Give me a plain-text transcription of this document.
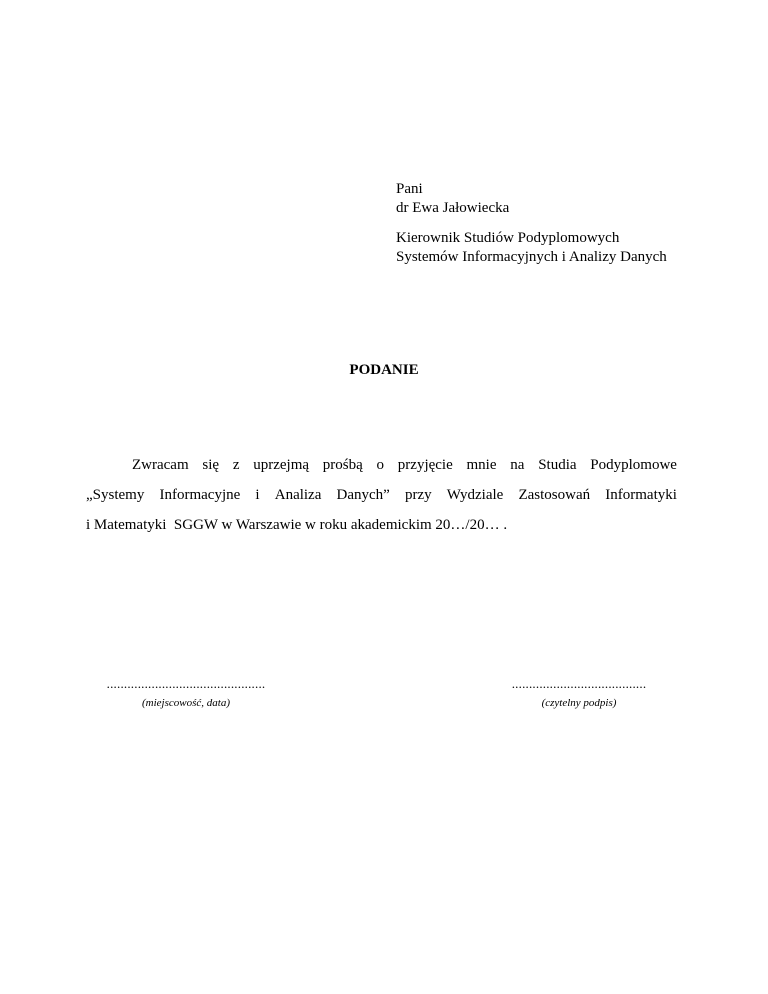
Pani
dr Ewa Jałowiecka
Kierownik Studiów Podyplomowych
Systemów Informacyjnych i Analizy Danych
PODANIE
Zwracam się z uprzejmą prośbą o przyjęcie mnie na Studia Podyplomowe
„Systemy Informacyjne i Analiza Danych” przy Wydziale Zastosowań Informatyki
i Matematyki  SGGW w Warszawie w roku akademickim 20…/20… .
..............................................
(miejscowość, data)
.......................................
(czytelny podpis)
